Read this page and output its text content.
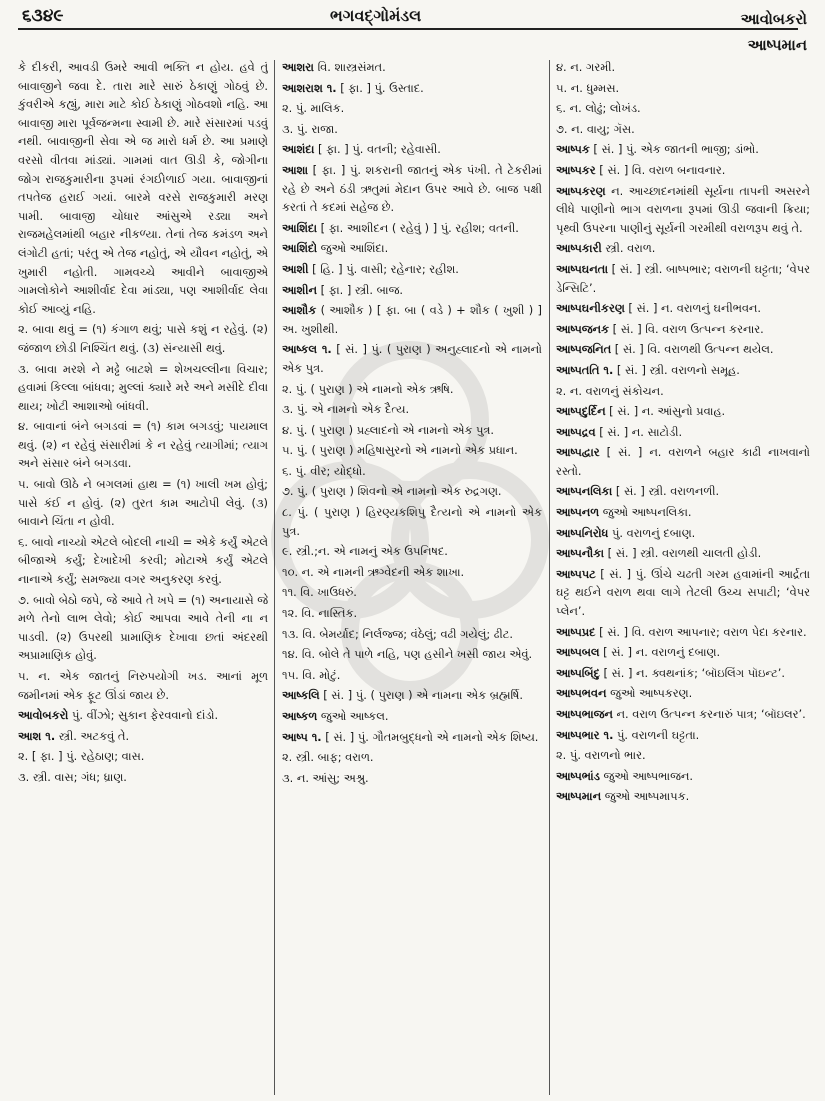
૬૩૪૯	ભગવદ્ગોમંડલ	આવોબકરો
આષ્પમાન
કે દીકરી, આવડી ઉમરે આવી ભક્તિ ન હોય. હવે તું બાવાજીને જવા દે. તારા મારે સારું ઠેકાણું ગોઠવું છે. કુંવરીએ કહ્યું, મારા માટે કોઈ ઠેકાણું ગોઠવશો નહિ. આ બાવાજી મારા પૂર્વજન્મના સ્વામી છે. મારે સંસારમાં પડવું નથી. બાવાજીની સેવા એ જ મારો ધર્મ છે. આ પ્રમાણે વરસો વીતવા માંડ્યાં. ગામમાં વાત ઊડી કે, જોગીના જોગ રાજકુમારીના રૂપમાં રંગઈોળાઈ ગયા. બાવાજીનાં તપતેજ હરાઈ ગયાં. બારમે વરસે રાજકુમારી મરણ પામી. બાવાજી ચોધાર આંસુએ રડ્યા અને રાજમહેલમાંથી બહાર નીકળ્યા. તેનાં તેજ કમંડળ અને લંગોટી હતાં; પરંતુ એ તેજ નહોતું, એ યૌવન નહોતું, એ ખુમારી નહોતી. ગામવચ્ચે આવીને બાવાજીએ ગામલોકોને આશીર્વાદ દેવા માંડ્યા, પણ આશીર્વાદ લેવા કોઈ આવ્યું નહિ.
૨. બાવા થવું = (૧) કંગાળ થવું; પાસે કશું ન રહેવું. (૨) જંજાળ છોડી નિશ્ચિંત થવું. (૩) સંન્યાસી થવું.
૩. બાવા મરશે ને મઢ્ઢે બાટશે = શેખચલ્લીના વિચાર; હવામાં કિલ્લા બાંધવા; મુલ્લાં ક્યારે મરે અને મસીદે દીવા થાય; ખોટી આશાઓ બાંધવી.
૪. બાવાનાં બંને બગડવાં = (૧) કામ બગડવું; પાયમાલ થવું. (૨) ન રહેવું સંસારીમાં કે ન રહેવું ત્યાગીમાં; ત્યાગ અને સંસાર બંને બગડવા.
૫. બાવો ઊઠે ને બગલમાં હાથ = (૧) ખાલી ખમ હોવું; પાસે કંઈ ન હોવું. (૨) તુરત કામ આટોપી લેવું. (૩) બાવાને ચિંતા ન હોવી.
૬. બાવો નાચ્યો એટલે બોદલી નાચી = એકે કર્યું એટલે બીજાએ કર્યું; દેખાદેખી કરવી; મોટાએ કર્યું એટલે નાનાએ કર્યું; સમજ્યા વગર અનુકરણ કરવું.
૭. બાવો બેઠો જપે, જે આવે તે ખપે = (૧) અનાયાસે જે મળે તેનો લાભ લેવો; કોઈ આપવા આવે તેની ના ન પાડવી. (૨) ઉપરથી પ્રામાણિક દેખાવા છતાં અંદરથી અપ્રામાણિક હોવું.
૫. ન. એક જાતનું નિરુપયોગી ખડ. આનાં મૂળ જમીનમાં એક ફૂટ ઊંડાં જાય છે.
આવોબકરો પું. વીંઝો; સુકાન ફેરવવાનો દાંડો.
આશ ૧. સ્ત્રી. અટકવું તે.
૨. [ ફા. ] પું. રહેઠાણ; વાસ.
૩. સ્ત્રી. વાસ; ગંધ; ધ્રાણ.
આશરા વિ. શાસ્ત્રસંમત.
આશરાશ ૧. [ ફા. ] પું. ઉસ્તાદ.
૨. પું. માલિક.
૩. પું. રાજા.
આશંદા [ ફા. ] પું. વતની; રહેવાસી.
આશા [ ફા. ] પું. શકરાની જાતનું એક પંખી. તે ટેકરીમાં રહે છે અને ઠંડી ઋતુમાં મેદાન ઉપર આવે છે. બાજ પક્ષી કરતાં તે કદમાં સહેજ છે.
આશિંદા [ ફા. આશીદન ( રહેવું ) ] પું. રહીશ; વતની.
આશિંદો જુઓ આશિંદા.
આશી [ હિ. ] પું. વાસી; રહેનાર; રહીશ.
આશીન [ ફા. ] સ્ત્રી. બાજ.
આશૌક ( આશૌક ) [ ફા. બા ( વડે ) + શૌક ( ખુશી ) ] અ. ખુશીથી.
આષ્કલ ૧. [ સં. ] પું. ( પુરાણ ) અનુહ્લાદનો એ નામનો એક પુત્ર.
૨. પું. ( પુરાણ ) એ નામનો એક ઋષિ.
૩. પું. એ નામનો એક દૈત્ય.
૪. પું. ( પુરાણ ) પ્રહ્લાદનો એ નામનો એક પુત્ર.
૫. પું. ( પુરાણ ) મહિષાસુરનો એ નામનો એક પ્રધાન.
૬. પું. વીર; યોદ્ધો.
૭. પું. ( પુરાણ ) શિવનો એ નામનો એક રુદ્રગણ.
૮. પું. ( પુરાણ ) હિરણ્યકશિપુ દૈત્યનો એ નામનો એક પુત્ર.
૯. સ્ત્રી.;ન. એ નામનું એક ઉપનિષદ.
૧૦. ન. એ નામની ઋગ્વેદની એક શાખા.
૧૧. વિ. ખાઉધરું.
૧૨. વિ. નાસ્તિક.
૧૩. વિ. બેમર્યાદ; નિર્લજ્જ; વંઠેલું; વઢી ગયેલું; ઢીટ.
૧૪. વિ. બોલે તે પાળે નહિ, પણ હસીને ખસી જાય એવું.
૧૫. વિ. મોટું.
આષ્કલિ [ સં. ] પું. ( પુરાણ ) એ નામના એક બ્રહ્મર્ષિ.
આષ્કળ જુઓ આષ્કલ.
આષ્પ ૧. [ સં. ] પું. ગૌતમબુદ્ધનો એ નામનો એક શિષ્ય.
૨. સ્ત્રી. બાફ; વરાળ.
૩. ન. આંસુ; અશ્રુ.
૪. ન. ગરમી.
૫. ન. ધુમ્મસ.
૬. ન. લોઢું; લોખંડ.
૭. ન. વાયુ; ગૅસ.
આષ્પક [ સં. ] પું. એક જાતની ભાજી; ડાંભો.
આષ્પકર [ સં. ] વિ. વરાળ બનાવનાર.
આષ્પકરણ ન. આચ્છાદનમાંથી સૂર્યના તાપની અસરને લીધે પાણીનો ભાગ વરાળના રૂપમાં ઊડી જવાની ક્રિયા; પૃથ્વી ઉપરના પાણીનું સૂર્યની ગરમીથી વરાળરૂપ થવું તે.
આષ્પકારી સ્ત્રી. વરાળ.
આષ્પઘનતા [ સં. ] સ્ત્રી. બાષ્પભાર; વરાળની ઘટ્ટતા; ‘વેપર ડેન્સિટિ’.
આષ્પઘનીકરણ [ સં. ] ન. વરાળનું ઘનીભવન.
આષ્પજનક [ સં. ] વિ. વરાળ ઉત્પન્ન કરનાર.
આષ્પજનિત [ સં. ] વિ. વરાળથી ઉત્પન્ન થયેલ.
આષ્પતતિ ૧. [ સં. ] સ્ત્રી. વરાળનો સમૂહ.
૨. ન. વરાળનું સંકોચન.
આષ્પદુર્દિન [ સં. ] ન. આંસુનો પ્રવાહ.
આષ્પદ્રવ [ સં. ] ન. સાટોડી.
આષ્પદ્વાર [ સં. ] ન. વરાળને બહાર કાઢી નાખવાનો રસ્તો.
આષ્પનલિકા [ સં. ] સ્ત્રી. વરાળનળી.
આષ્પનળ જુઓ આષ્પનલિકા.
આષ્પનિરોધ પું. વરાળનું દબાણ.
આષ્પનૌકા [ સં. ] સ્ત્રી. વરાળથી ચાલતી હોડી.
આષ્પપટ [ સં. ] પું. ઊંચે ચઢતી ગરમ હવામાંની આર્દ્રતા ઘટ્ટ થઈને વરાળ થવા લાગે તેટલી ઉચ્ચ સપાટી; ‘વેપર પ્લેન’.
આષ્પપ્રદ [ સં. ] વિ. વરાળ આપનાર; વરાળ પેદા કરનાર.
આષ્પબલ [ સં. ] ન. વરાળનું દબાણ.
આષ્પબિંદુ [ સં. ] ન. ક્વથનાંક; ‘બૉઇલિંગ પૉઇન્ટ’.
આષ્પભવન જુઓ આષ્પકરણ.
આષ્પભાજન ન. વરાળ ઉત્પન્ન કરનારું પાત્ર; ‘બૉઇલર’.
આષ્પભાર ૧. પું. વરાળની ઘટ્ટતા.
૨. પું. વરાળનો ભાર.
આષ્પભાંડ જુઓ આષ્પભાજન.
આષ્પમાન જુઓ આષ્પમાપક.
